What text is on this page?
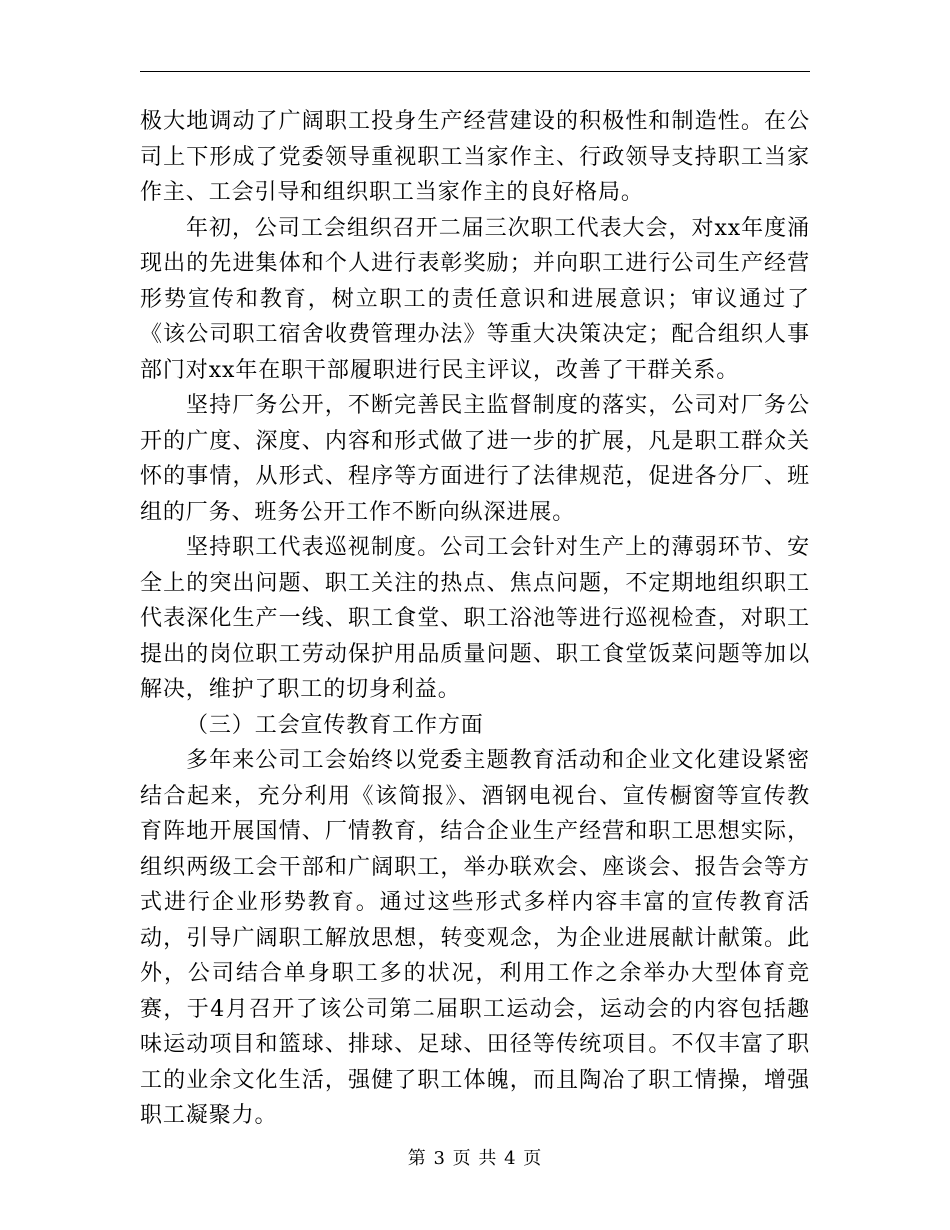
极大地调动了广阔职工投身生产经营建设的积极性和制造性。在公司上下形成了党委领导重视职工当家作主、行政领导支持职工当家作主、工会引导和组织职工当家作主的良好格局。

年初，公司工会组织召开二届三次职工代表大会，对xx年度涌现出的先进集体和个人进行表彰奖励；并向职工进行公司生产经营形势宣传和教育，树立职工的责任意识和进展意识；审议通过了《该公司职工宿舍收费管理办法》等重大决策决定；配合组织人事部门对xx年在职干部履职进行民主评议，改善了干群关系。

坚持厂务公开，不断完善民主监督制度的落实，公司对厂务公开的广度、深度、内容和形式做了进一步的扩展，凡是职工群众关怀的事情，从形式、程序等方面进行了法律规范，促进各分厂、班组的厂务、班务公开工作不断向纵深进展。

坚持职工代表巡视制度。公司工会针对生产上的薄弱环节、安全上的突出问题、职工关注的热点、焦点问题，不定期地组织职工代表深化生产一线、职工食堂、职工浴池等进行巡视检查，对职工提出的岗位职工劳动保护用品质量问题、职工食堂饭菜问题等加以解决，维护了职工的切身利益。

（三）工会宣传教育工作方面

多年来公司工会始终以党委主题教育活动和企业文化建设紧密结合起来，充分利用《该简报》、酒钢电视台、宣传橱窗等宣传教育阵地开展国情、厂情教育，结合企业生产经营和职工思想实际，组织两级工会干部和广阔职工，举办联欢会、座谈会、报告会等方式进行企业形势教育。通过这些形式多样内容丰富的宣传教育活动，引导广阔职工解放思想，转变观念，为企业进展献计献策。此外，公司结合单身职工多的状况，利用工作之余举办大型体育竞赛，于4月召开了该公司第二届职工运动会，运动会的内容包括趣味运动项目和篮球、排球、足球、田径等传统项目。不仅丰富了职工的业余文化生活，强健了职工体魄，而且陶冶了职工情操，增强职工凝聚力。

第 3 页 共 4 页
